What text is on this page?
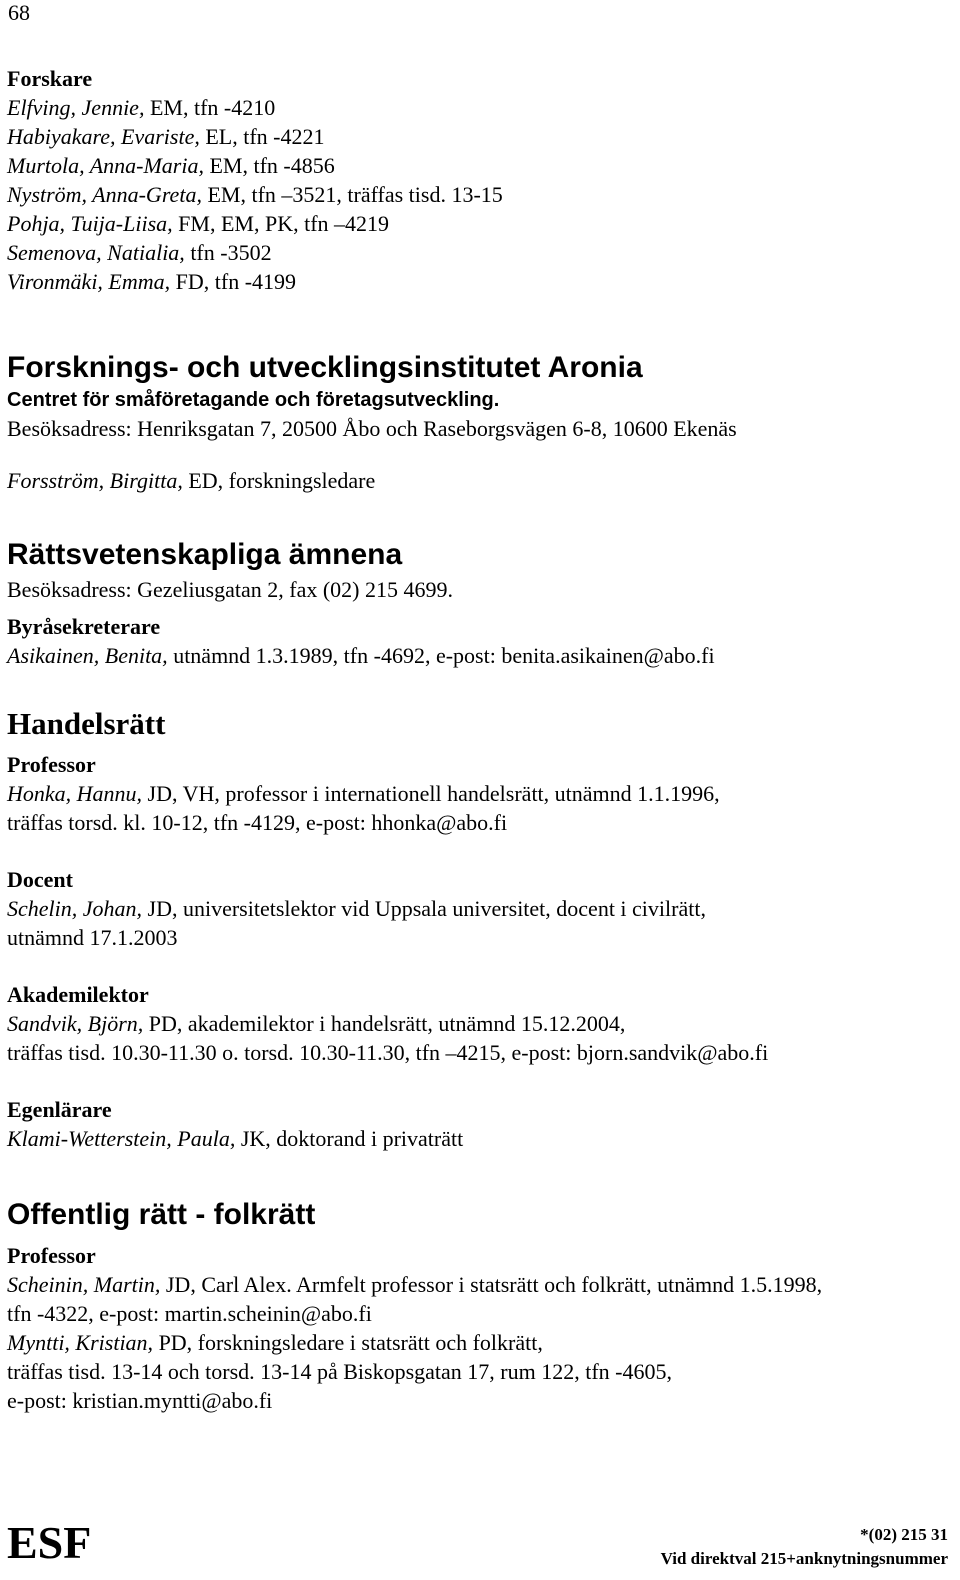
68
Forskare
Elfving, Jennie, EM, tfn -4210
Habiyakare, Evariste, EL, tfn -4221
Murtola, Anna-Maria, EM, tfn -4856
Nyström, Anna-Greta, EM, tfn –3521, träffas tisd. 13-15
Pohja, Tuija-Liisa, FM, EM, PK, tfn –4219
Semenova, Natialia, tfn -3502
Vironmäki, Emma, FD, tfn -4199
Forsknings- och utvecklingsinstitutet Aronia
Centret för småföretagande och företagsutveckling.
Besöksadress: Henriksgatan 7, 20500 Åbo och Raseborgsvägen 6-8, 10600 Ekenäs
Forsström, Birgitta, ED, forskningsledare
Rättsvetenskapliga ämnena
Besöksadress: Gezeliusgatan 2, fax (02) 215 4699.
Byråsekreterare
Asikainen, Benita, utnämnd 1.3.1989, tfn -4692, e-post: benita.asikainen@abo.fi
Handelsrätt
Professor
Honka, Hannu, JD, VH, professor i internationell handelsrätt, utnämnd 1.1.1996,
träffas torsd. kl. 10-12, tfn -4129, e-post: hhonka@abo.fi
Docent
Schelin, Johan, JD, universitetslektor vid Uppsala universitet, docent i civilrätt,
utnämnd 17.1.2003
Akademilektor
Sandvik, Björn, PD, akademilektor i handelsrätt, utnämnd 15.12.2004,
träffas tisd. 10.30-11.30 o. torsd. 10.30-11.30, tfn –4215, e-post: bjorn.sandvik@abo.fi
Egenlärare
Klami-Wetterstein, Paula, JK, doktorand i privaträtt
Offentlig rätt - folkrätt
Professor
Scheinin, Martin, JD, Carl Alex. Armfelt professor i statsrätt och folkrätt, utnämnd 1.5.1998,
tfn -4322, e-post: martin.scheinin@abo.fi
Myntti, Kristian, PD, forskningsledare i statsrätt och folkrätt,
träffas tisd. 13-14 och torsd. 13-14 på Biskopsgatan 17, rum 122, tfn -4605,
e-post: kristian.myntti@abo.fi
ESF	*(02) 215 31
Vid direktval 215+anknytningsnummer
